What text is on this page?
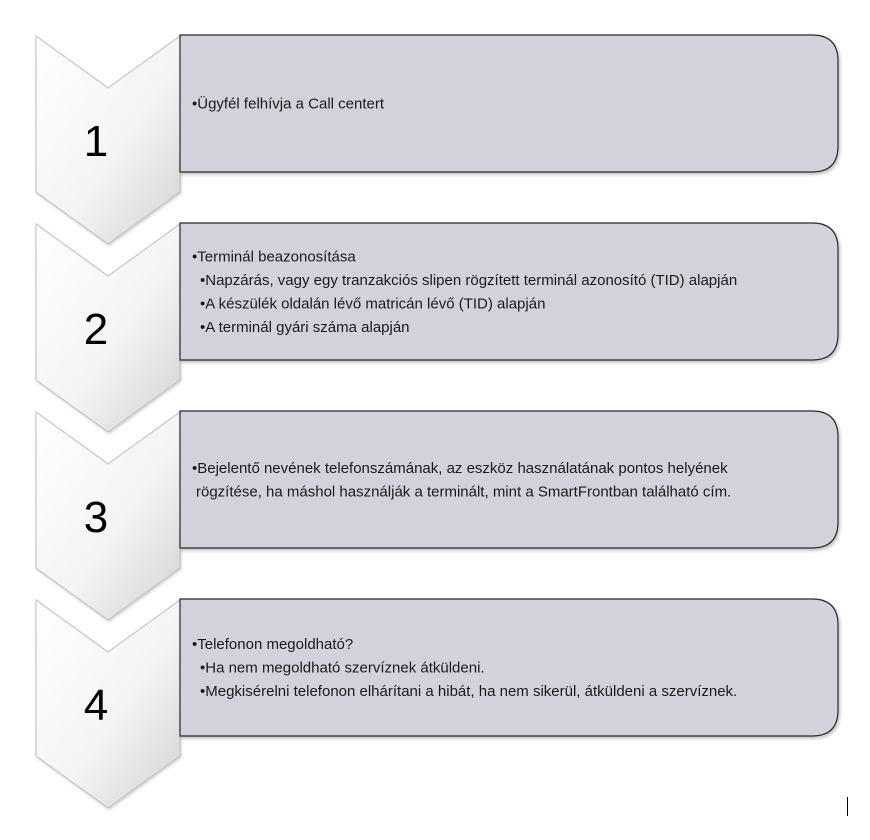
1
•Ügyfél felhívja a Call centert
2
•Terminál beazonosítása
•Napzárás, vagy egy tranzakciós slipen rögzített terminál azonosító (TID) alapján
•A készülék oldalán lévő matricán lévő (TID) alapján
•A terminál gyári száma alapján
3
•Bejelentő nevének telefonszámának, az eszköz használatának pontos helyének
rögzítése, ha máshol használják a terminált, mint a SmartFrontban található cím.
4
•Telefonon megoldható?
•Ha nem megoldható szervíznek átküldeni.
•Megkisérelni telefonon elhárítani a hibát, ha nem sikerül, átküldeni a szervíznek.
